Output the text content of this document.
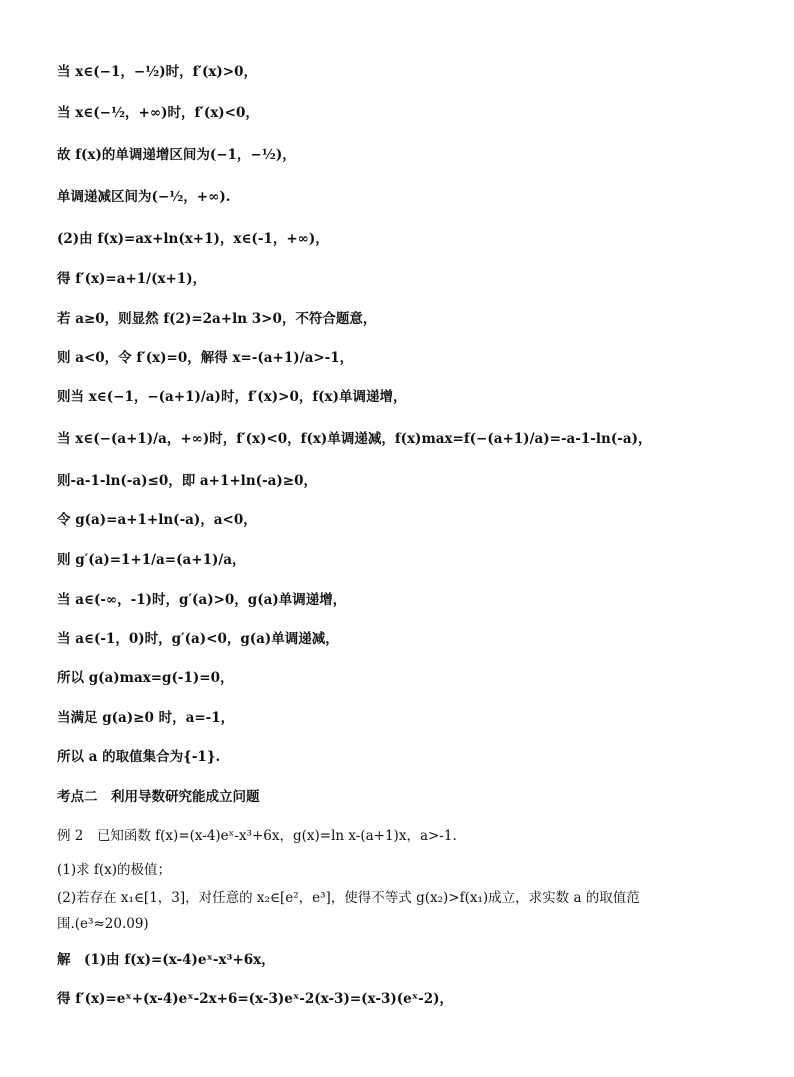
当 x∈(−1，−½)时，f′(x)>0，
当 x∈(−½，+∞)时，f′(x)<0，
故 f(x)的单调递增区间为(−1，−½)，
单调递减区间为(−½，+∞).
(2)由 f(x)=ax+ln(x+1)，x∈(-1，+∞)，
得 f′(x)=a+1/(x+1)，
若 a≥0，则显然 f(2)=2a+ln 3>0，不符合题意，
则 a<0，令 f′(x)=0，解得 x=-(a+1)/a>-1，
则当 x∈(−1，−(a+1)/a)时，f′(x)>0，f(x)单调递增，
当 x∈(−(a+1)/a，+∞)时，f′(x)<0，f(x)单调递减，f(x)max=f(−(a+1)/a)=-a-1-ln(-a)，
则-a-1-ln(-a)≤0，即 a+1+ln(-a)≥0，
令 g(a)=a+1+ln(-a)，a<0，
则 g′(a)=1+1/a=(a+1)/a，
当 a∈(-∞，-1)时，g′(a)>0，g(a)单调递增，
当 a∈(-1，0)时，g′(a)<0，g(a)单调递减，
所以 g(a)max=g(-1)=0，
当满足 g(a)≥0 时，a=-1，
所以 a 的取值集合为{-1}.
考点二　利用导数研究能成立问题
例 2　已知函数 f(x)=(x-4)eˣ-x³+6x，g(x)=ln x-(a+1)x，a>-1.
(1)求 f(x)的极值；
(2)若存在 x₁∈[1，3]，对任意的 x₂∈[e²，e³]，使得不等式 g(x₂)>f(x₁)成立，求实数 a 的取值范
围.(e³≈20.09)
解　(1)由 f(x)=(x-4)eˣ-x³+6x，
得 f′(x)=eˣ+(x-4)eˣ-2x+6=(x-3)eˣ-2(x-3)=(x-3)(eˣ-2)，
